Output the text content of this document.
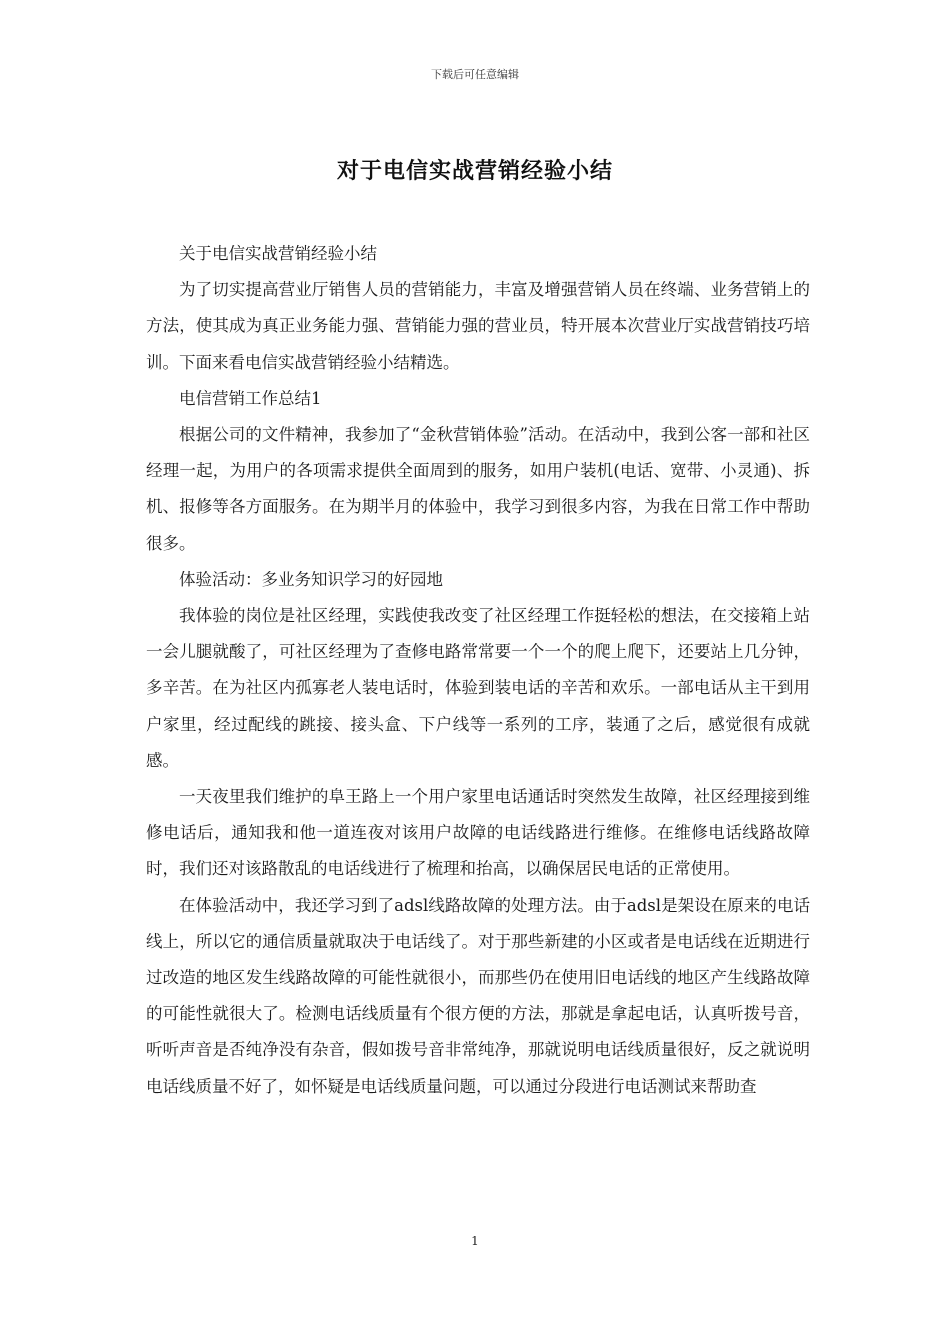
下载后可任意编辑
对于电信实战营销经验小结

关于电信实战营销经验小结

为了切实提高营业厅销售人员的营销能力，丰富及增强营销人员在终端、业务营销上的方法，使其成为真正业务能力强、营销能力强的营业员，特开展本次营业厅实战营销技巧培训。下面来看电信实战营销经验小结精选。

电信营销工作总结1

根据公司的文件精神，我参加了“金秋营销体验”活动。在活动中，我到公客一部和社区经理一起，为用户的各项需求提供全面周到的服务，如用户装机(电话、宽带、小灵通)、拆机、报修等各方面服务。在为期半月的体验中，我学习到很多内容，为我在日常工作中帮助很多。

体验活动：多业务知识学习的好园地

我体验的岗位是社区经理，实践使我改变了社区经理工作挺轻松的想法，在交接箱上站一会儿腿就酸了，可社区经理为了查修电路常常要一个一个的爬上爬下，还要站上几分钟，多辛苦。在为社区内孤寡老人装电话时，体验到装电话的辛苦和欢乐。一部电话从主干到用户家里，经过配线的跳接、接头盒、下户线等一系列的工序，装通了之后，感觉很有成就感。

一天夜里我们维护的阜王路上一个用户家里电话通话时突然发生故障，社区经理接到维修电话后，通知我和他一道连夜对该用户故障的电话线路进行维修。在维修电话线路故障时，我们还对该路散乱的电话线进行了梳理和抬高，以确保居民电话的正常使用。

在体验活动中，我还学习到了adsl线路故障的处理方法。由于adsl是架设在原来的电话线上，所以它的通信质量就取决于电话线了。对于那些新建的小区或者是电话线在近期进行过改造的地区发生线路故障的可能性就很小，而那些仍在使用旧电话线的地区产生线路故障的可能性就很大了。检测电话线质量有个很方便的方法，那就是拿起电话，认真听拨号音，听听声音是否纯净没有杂音，假如拨号音非常纯净，那就说明电话线质量很好，反之就说明电话线质量不好了，如怀疑是电话线质量问题，可以通过分段进行电话测试来帮助查

1
